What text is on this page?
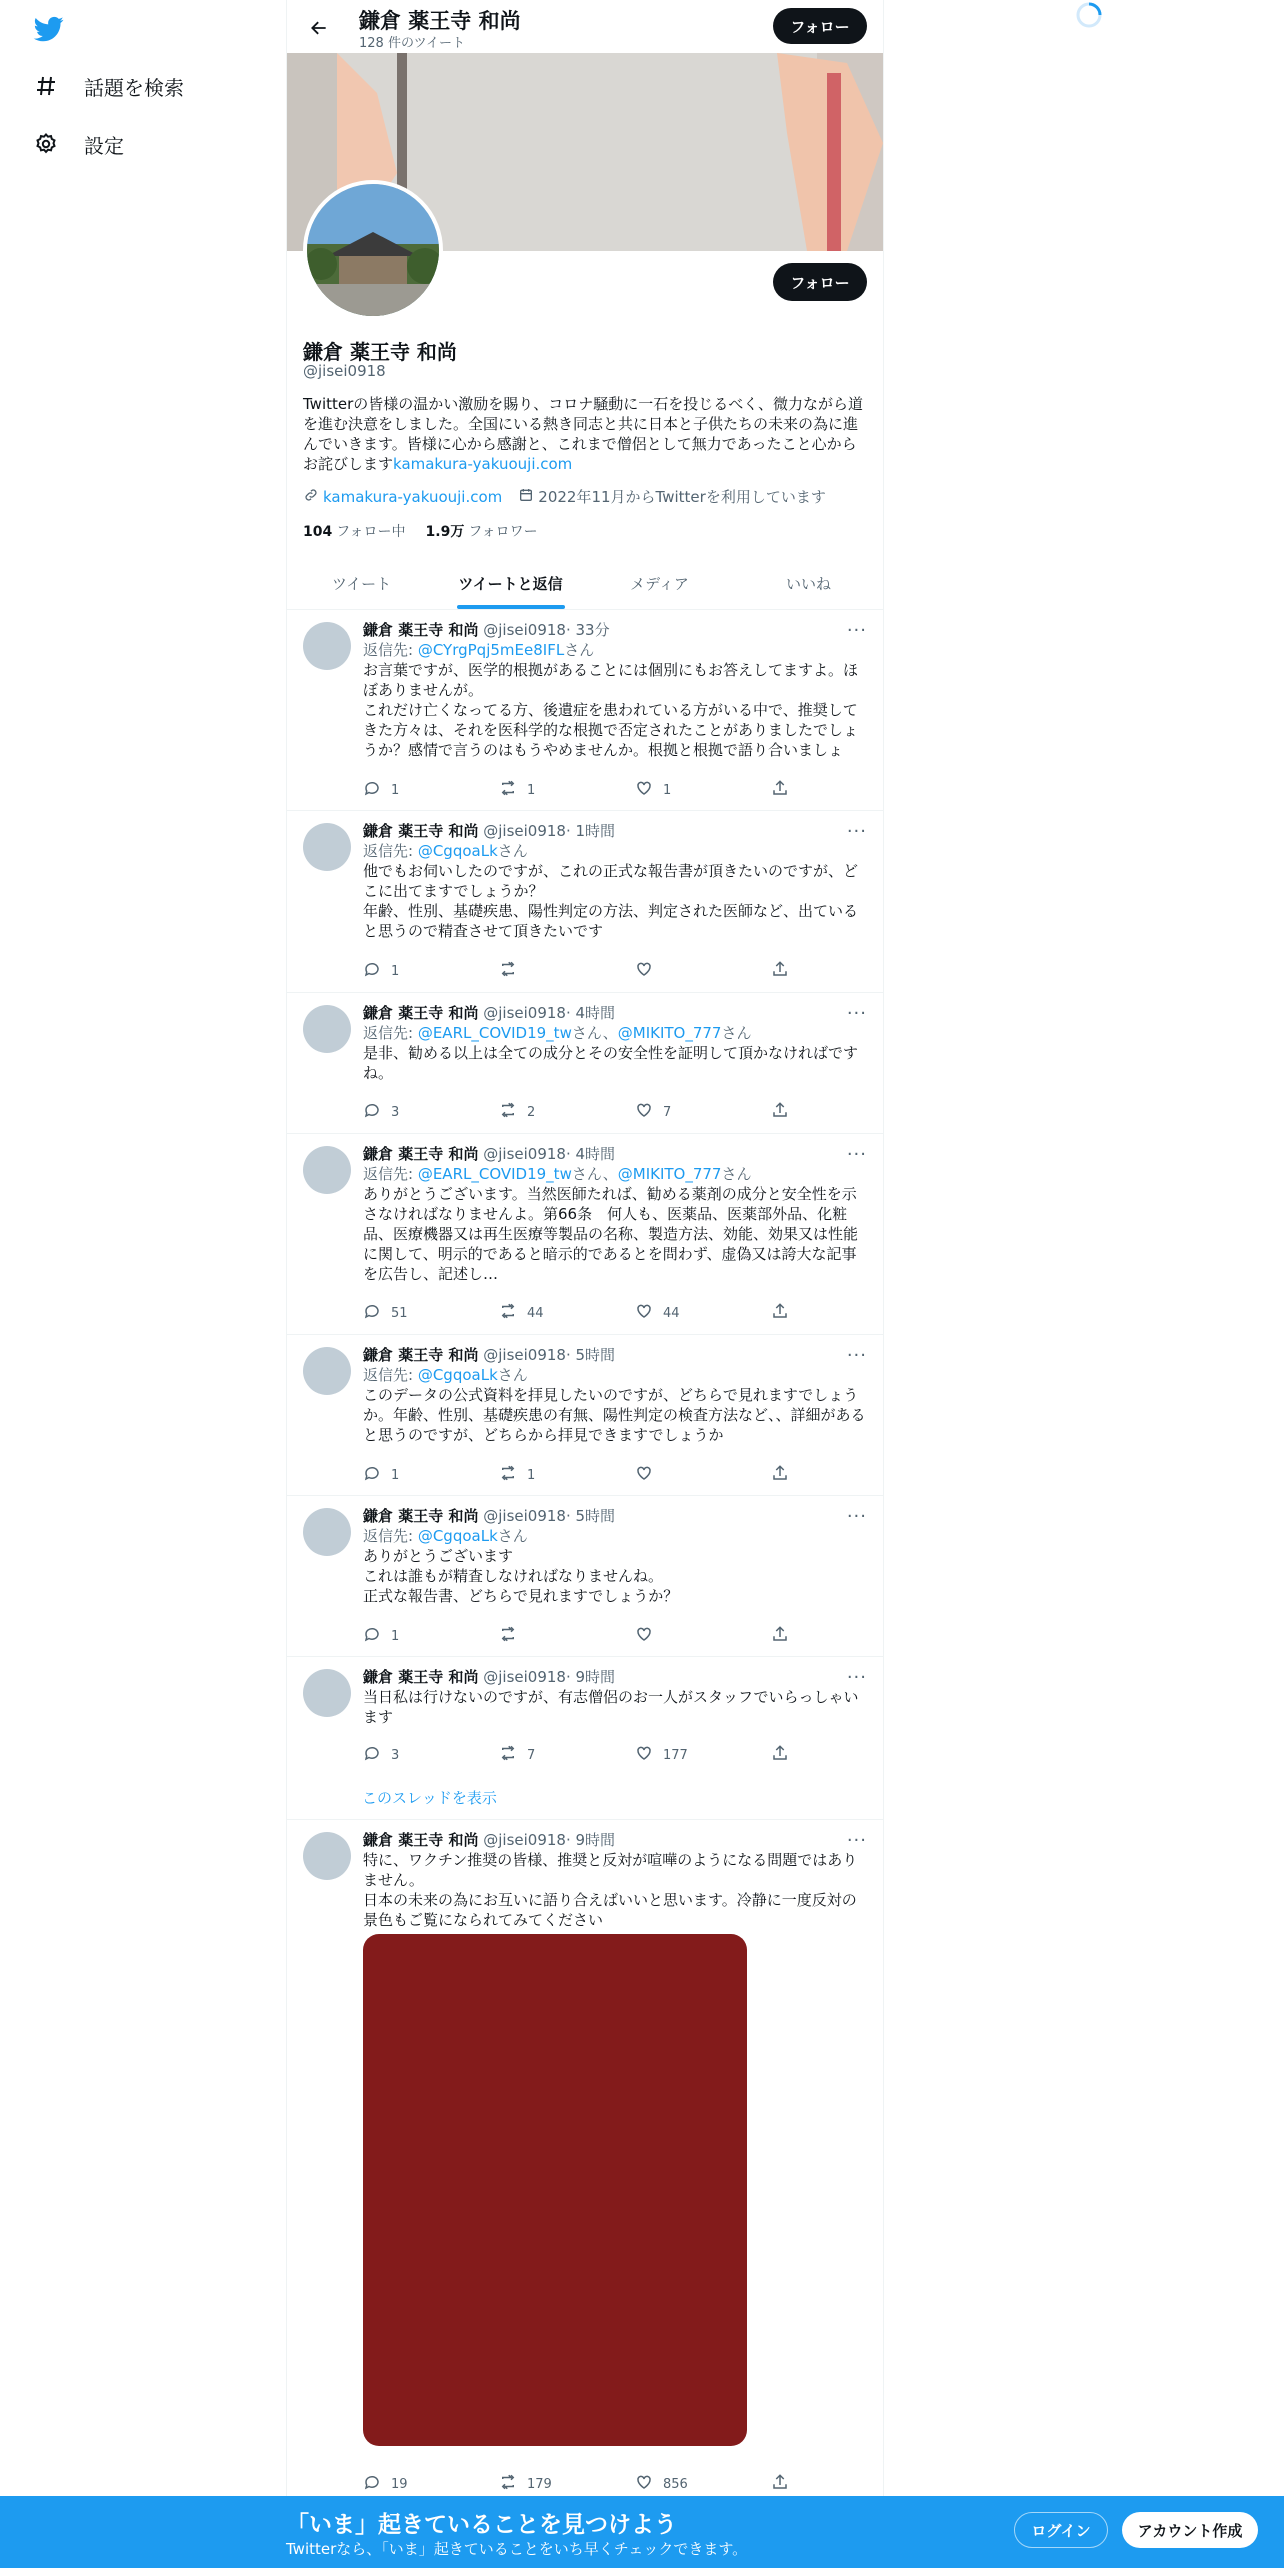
話題を検索
設定
鎌倉 薬王寺 和尚
128 件のツイート
フォロー
フォロー
鎌倉 薬王寺 和尚
@jisei0918
Twitterの皆様の温かい激励を賜り、コロナ騒動に一石を投じるべく、微力ながら道を進む決意をしました。全国にいる熱き同志と共に日本と子供たちの未来の為に進んでいきます。皆様に心から感謝と、これまで僧侶として無力であったこと心からお詫びしますkamakura-yakuouji.com
kamakura-yakuouji.com 2022年11月からTwitterを利用しています
104 フォロー中 1.9万 フォロワー
ツイート	ツイートと返信	メディア	いいね
鎌倉 薬王寺 和尚 @jisei0918· 33分	···
返信先: @CYrgPqj5mEe8IFLさん
お言葉ですが、医学的根拠があることには個別にもお答えしてますよ。ほぼありませんが。
これだけ亡くなってる方、後遺症を患われている方がいる中で、推奨してきた方々は、それを医科学的な根拠で否定されたことがありましたでしょうか？感情で言うのはもうやめませんか。根拠と根拠で語り合いましょ
1	1	1
鎌倉 薬王寺 和尚 @jisei0918· 1時間	···
返信先: @CgqoaLkさん
他でもお伺いしたのですが、これの正式な報告書が頂きたいのですが、どこに出てますでしょうか？
年齢、性別、基礎疾患、陽性判定の方法、判定された医師など、出ていると思うので精査させて頂きたいです
1
鎌倉 薬王寺 和尚 @jisei0918· 4時間	···
返信先: @EARL_COVID19_twさん、@MIKITO_777さん
是非、勧める以上は全ての成分とその安全性を証明して頂かなければですね。
3	2	7
鎌倉 薬王寺 和尚 @jisei0918· 4時間	···
返信先: @EARL_COVID19_twさん、@MIKITO_777さん
ありがとうございます。当然医師たれば、勧める薬剤の成分と安全性を示さなければなりませんよ。第66条　何人も、医薬品、医薬部外品、化粧品、医療機器又は再生医療等製品の名称、製造方法、効能、効果又は性能に関して、明示的であると暗示的であるとを問わず、虚偽又は誇大な記事を広告し、記述し…
51	44	44
鎌倉 薬王寺 和尚 @jisei0918· 5時間	···
返信先: @CgqoaLkさん
このデータの公式資料を拝見したいのですが、どちらで見れますでしょうか。年齢、性別、基礎疾患の有無、陽性判定の検査方法など、、詳細があると思うのですが、どちらから拝見できますでしょうか
1	1
鎌倉 薬王寺 和尚 @jisei0918· 5時間	···
返信先: @CgqoaLkさん
ありがとうございます
これは誰もが精査しなければなりませんね。
正式な報告書、どちらで見れますでしょうか？
1
鎌倉 薬王寺 和尚 @jisei0918· 9時間	···
当日私は行けないのですが、有志僧侶のお一人がスタッフでいらっしゃいます
3	7	177
鎌倉 薬王寺 和尚 @jisei0918· 9時間	···
特に、ワクチン推奨の皆様、推奨と反対が喧嘩のようになる問題ではありません。
日本の未来の為にお互いに語り合えばいいと思います。冷静に一度反対の景色もご覧になられてみてください
19	179	856
このスレッドを表示
「いま」起きていることを見つけよう
Twitterなら、「いま」起きていることをいち早くチェックできます。
ログイン	アカウント作成
